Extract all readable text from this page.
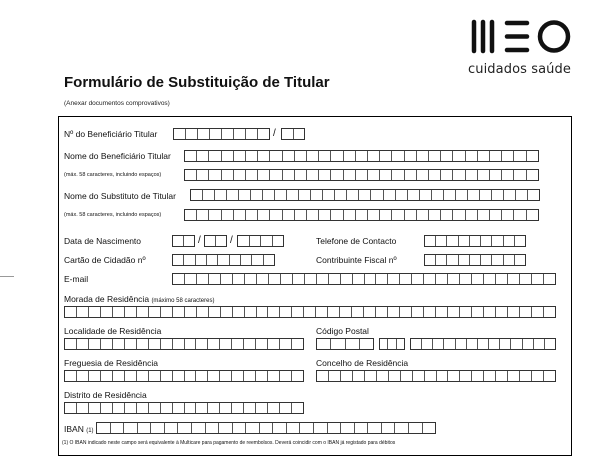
cuidados saúde
Formulário de Substituição de Titular
(Anexar documentos comprovativos)
Nº do Beneficiário Titular	/
Nome do Beneficiário Titular
(máx. 58 caracteres, incluindo espaços)
Nome do Substituto de Titular
(máx. 58 caracteres, incluindo espaços)
Data de Nascimento	/	/	Telefone de Contacto
Cartão de Cidadão nº	Contribuinte Fiscal nº
E-mail
Morada de Residência (máximo 58 caracteres)
Localidade de Residência	Código Postal
Freguesia de Residência	Concelho de Residência
Distrito de Residência
IBAN (1)
(1) O IBAN indicado neste campo será equivalente à Multicare para pagamento de reembolsos. Deverá coincidir com o IBAN já registado para débitos
